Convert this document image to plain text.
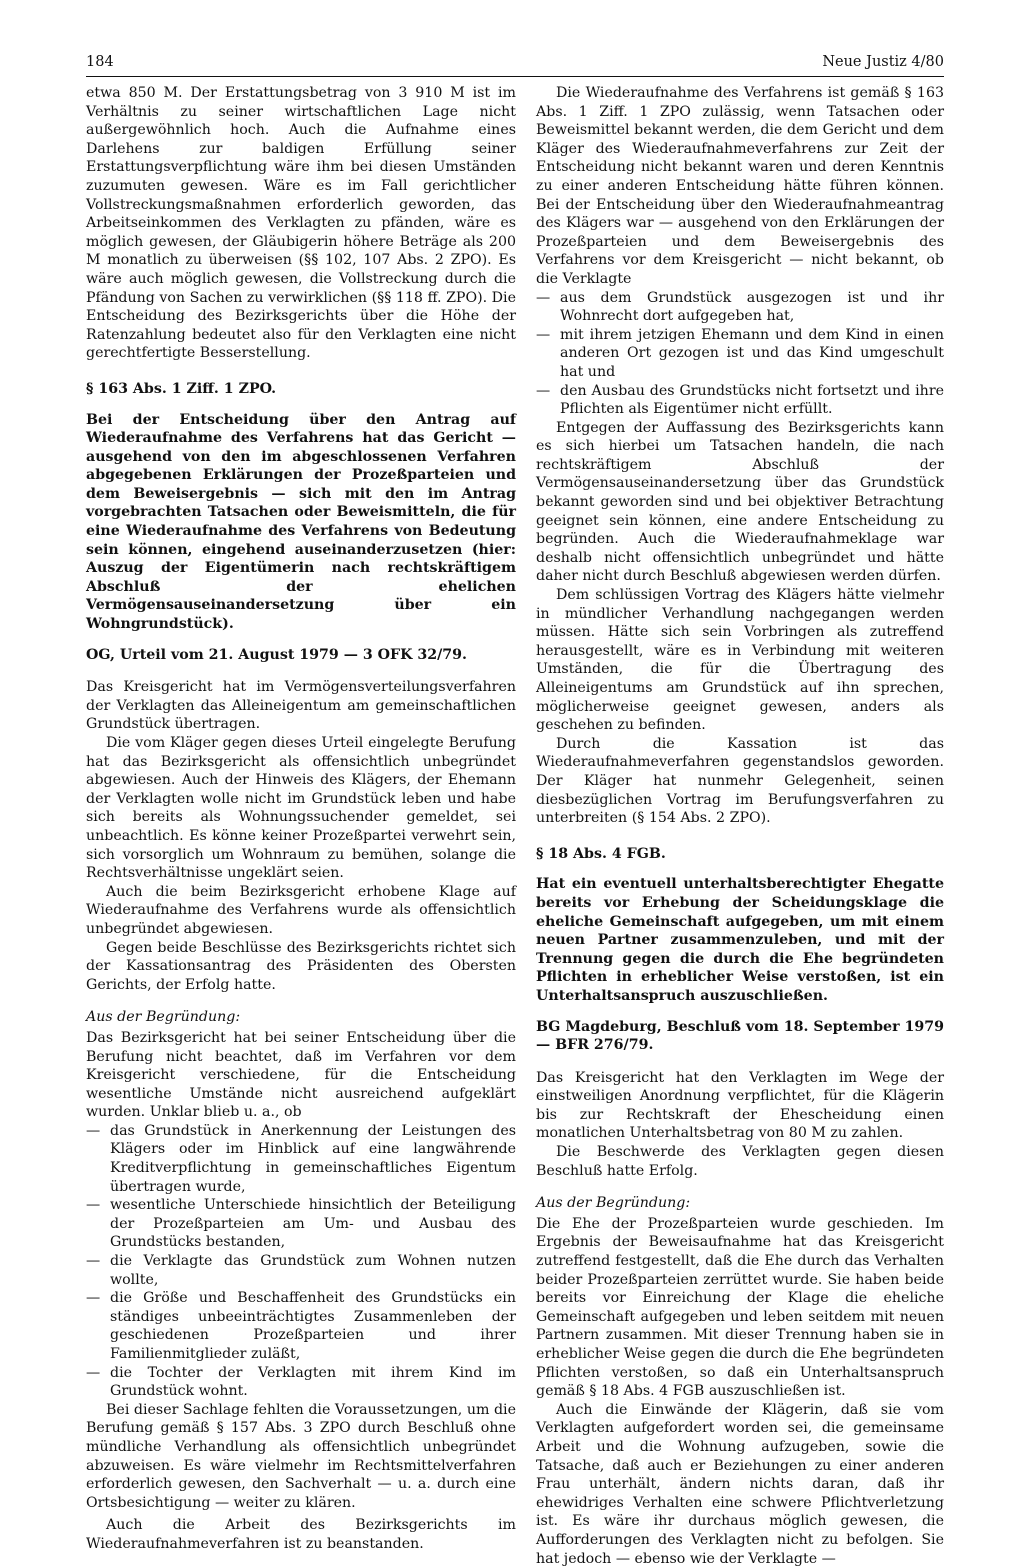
184	Neue Justiz 4/80

etwa 850 M. Der Erstattungsbetrag von 3 910 M ist im Verhältnis zu seiner wirtschaftlichen Lage nicht außergewöhnlich hoch. Auch die Aufnahme eines Darlehens zur baldigen Erfüllung seiner Erstattungsverpflichtung wäre ihm bei diesen Umständen zuzumuten gewesen. Wäre es im Fall gerichtlicher Vollstreckungsmaßnahmen erforderlich geworden, das Arbeitseinkommen des Verklagten zu pfänden, wäre es möglich gewesen, der Gläubigerin höhere Beträge als 200 M monatlich zu überweisen (§§ 102, 107 Abs. 2 ZPO). Es wäre auch möglich gewesen, die Vollstreckung durch die Pfändung von Sachen zu verwirklichen (§§ 118 ff. ZPO). Die Entscheidung des Bezirksgerichts über die Höhe der Ratenzahlung bedeutet also für den Verklagten eine nicht gerechtfertigte Besserstellung.

§ 163 Abs. 1 Ziff. 1 ZPO.

Bei der Entscheidung über den Antrag auf Wiederaufnahme des Verfahrens hat das Gericht — ausgehend von den im abgeschlossenen Verfahren abgegebenen Erklärungen der Prozeßparteien und dem Beweisergebnis — sich mit den im Antrag vorgebrachten Tatsachen oder Beweismitteln, die für eine Wiederaufnahme des Verfahrens von Bedeutung sein können, eingehend auseinanderzusetzen (hier: Auszug der Eigentümerin nach rechtskräftigem Abschluß der ehelichen Vermögensauseinandersetzung über ein Wohngrundstück).

OG, Urteil vom 21. August 1979 — 3 OFK 32/79.

Das Kreisgericht hat im Vermögensverteilungsverfahren der Verklagten das Alleineigentum am gemeinschaftlichen Grundstück übertragen.

Die vom Kläger gegen dieses Urteil eingelegte Berufung hat das Bezirksgericht als offensichtlich unbegründet abgewiesen. Auch der Hinweis des Klägers, der Ehemann der Verklagten wolle nicht im Grundstück leben und habe sich bereits als Wohnungssuchender gemeldet, sei unbeachtlich. Es könne keiner Prozeßpartei verwehrt sein, sich vorsorglich um Wohnraum zu bemühen, solange die Rechtsverhältnisse ungeklärt seien.

Auch die beim Bezirksgericht erhobene Klage auf Wiederaufnahme des Verfahrens wurde als offensichtlich unbegründet abgewiesen.

Gegen beide Beschlüsse des Bezirksgerichts richtet sich der Kassationsantrag des Präsidenten des Obersten Gerichts, der Erfolg hatte.

Aus der Begründung:

Das Bezirksgericht hat bei seiner Entscheidung über die Berufung nicht beachtet, daß im Verfahren vor dem Kreisgericht verschiedene, für die Entscheidung wesentliche Umstände nicht ausreichend aufgeklärt wurden. Unklar blieb u. a., ob

— das Grundstück in Anerkennung der Leistungen des Klägers oder im Hinblick auf eine langwährende Kreditverpflichtung in gemeinschaftliches Eigentum übertragen wurde,
— wesentliche Unterschiede hinsichtlich der Beteiligung der Prozeßparteien am Um- und Ausbau des Grundstücks bestanden,
— die Verklagte das Grundstück zum Wohnen nutzen wollte,
— die Größe und Beschaffenheit des Grundstücks ein ständiges unbeeinträchtigtes Zusammenleben der geschiedenen Prozeßparteien und ihrer Familienmitglieder zuläßt,
— die Tochter der Verklagten mit ihrem Kind im Grundstück wohnt.

Bei dieser Sachlage fehlten die Voraussetzungen, um die Berufung gemäß § 157 Abs. 3 ZPO durch Beschluß ohne mündliche Verhandlung als offensichtlich unbegründet abzuweisen. Es wäre vielmehr im Rechtsmittelverfahren erforderlich gewesen, den Sachverhalt — u. a. durch eine Ortsbesichtigung — weiter zu klären.

Auch die Arbeit des Bezirksgerichts im Wiederaufnahmeverfahren ist zu beanstanden.

Die Wiederaufnahme des Verfahrens ist gemäß § 163 Abs. 1 Ziff. 1 ZPO zulässig, wenn Tatsachen oder Beweismittel bekannt werden, die dem Gericht und dem Kläger des Wiederaufnahmeverfahrens zur Zeit der Entscheidung nicht bekannt waren und deren Kenntnis zu einer anderen Entscheidung hätte führen können. Bei der Entscheidung über den Wiederaufnahmeantrag des Klägers war — ausgehend von den Erklärungen der Prozeßparteien und dem Beweisergebnis des Verfahrens vor dem Kreisgericht — nicht bekannt, ob die Verklagte

— aus dem Grundstück ausgezogen ist und ihr Wohnrecht dort aufgegeben hat,
— mit ihrem jetzigen Ehemann und dem Kind in einen anderen Ort gezogen ist und das Kind umgeschult hat und
— den Ausbau des Grundstücks nicht fortsetzt und ihre Pflichten als Eigentümer nicht erfüllt.

Entgegen der Auffassung des Bezirksgerichts kann es sich hierbei um Tatsachen handeln, die nach rechtskräftigem Abschluß der Vermögensauseinandersetzung über das Grundstück bekannt geworden sind und bei objektiver Betrachtung geeignet sein können, eine andere Entscheidung zu begründen. Auch die Wiederaufnahmeklage war deshalb nicht offensichtlich unbegründet und hätte daher nicht durch Beschluß abgewiesen werden dürfen.

Dem schlüssigen Vortrag des Klägers hätte vielmehr in mündlicher Verhandlung nachgegangen werden müssen. Hätte sich sein Vorbringen als zutreffend herausgestellt, wäre es in Verbindung mit weiteren Umständen, die für die Übertragung des Alleineigentums am Grundstück auf ihn sprechen, möglicherweise geeignet gewesen, anders als geschehen zu befinden.

Durch die Kassation ist das Wiederaufnahmeverfahren gegenstandslos geworden. Der Kläger hat nunmehr Gelegenheit, seinen diesbezüglichen Vortrag im Berufungsverfahren zu unterbreiten (§ 154 Abs. 2 ZPO).

§ 18 Abs. 4 FGB.

Hat ein eventuell unterhaltsberechtigter Ehegatte bereits vor Erhebung der Scheidungsklage die eheliche Gemeinschaft aufgegeben, um mit einem neuen Partner zusammenzuleben, und mit der Trennung gegen die durch die Ehe begründeten Pflichten in erheblicher Weise verstoßen, ist ein Unterhaltsanspruch auszuschließen.

BG Magdeburg, Beschluß vom 18. September 1979 — BFR 276/79.

Das Kreisgericht hat den Verklagten im Wege der einstweiligen Anordnung verpflichtet, für die Klägerin bis zur Rechtskraft der Ehescheidung einen monatlichen Unterhaltsbetrag von 80 M zu zahlen.

Die Beschwerde des Verklagten gegen diesen Beschluß hatte Erfolg.

Aus der Begründung:

Die Ehe der Prozeßparteien wurde geschieden. Im Ergebnis der Beweisaufnahme hat das Kreisgericht zutreffend festgestellt, daß die Ehe durch das Verhalten beider Prozeßparteien zerrüttet wurde. Sie haben beide bereits vor Einreichung der Klage die eheliche Gemeinschaft aufgegeben und leben seitdem mit neuen Partnern zusammen. Mit dieser Trennung haben sie in erheblicher Weise gegen die durch die Ehe begründeten Pflichten verstoßen, so daß ein Unterhaltsanspruch gemäß § 18 Abs. 4 FGB auszuschließen ist.

Auch die Einwände der Klägerin, daß sie vom Verklagten aufgefordert worden sei, die gemeinsame Arbeit und die Wohnung aufzugeben, sowie die Tatsache, daß auch er Beziehungen zu einer anderen Frau unterhält, ändern nichts daran, daß ihr ehewidriges Verhalten eine schwere Pflichtverletzung ist. Es wäre ihr durchaus möglich gewesen, die Aufforderungen des Verklagten nicht zu befolgen. Sie hat jedoch — ebenso wie der Verklagte —
